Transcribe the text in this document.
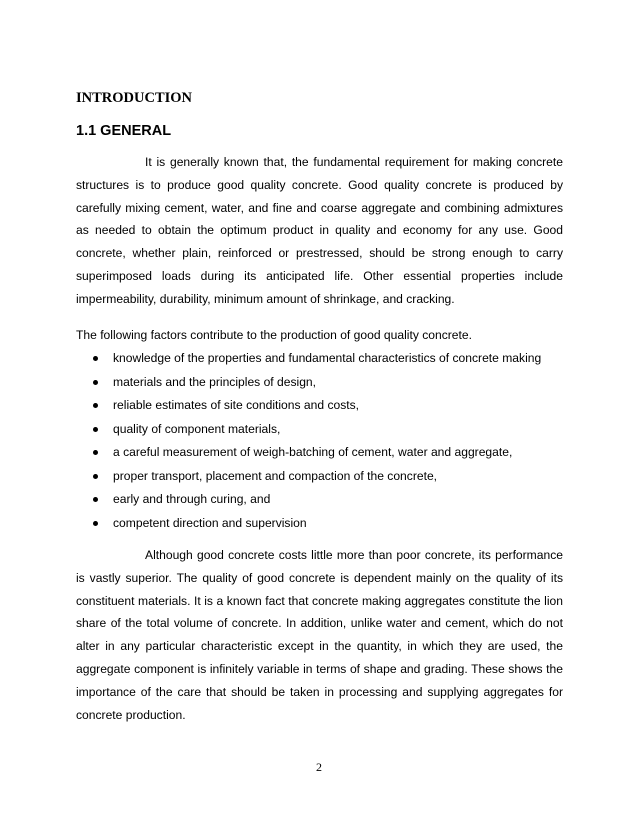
INTRODUCTION
1.1 GENERAL

It is generally known that, the fundamental requirement for making concrete structures is to produce good quality concrete. Good quality concrete is produced by carefully mixing cement, water, and fine and coarse aggregate and combining admixtures as needed to obtain the optimum product in quality and economy for any use. Good concrete, whether plain, reinforced or prestressed, should be strong enough to carry superimposed loads during its anticipated life. Other essential properties include impermeability, durability, minimum amount of shrinkage, and cracking.

The following factors contribute to the production of good quality concrete.

knowledge of the properties and fundamental characteristics of concrete making
materials and the principles of design,
reliable estimates of site conditions and costs,
quality of component materials,
a careful measurement of weigh-batching of cement, water and aggregate,
proper transport, placement and compaction of the concrete,
early and through curing, and
competent direction and supervision

Although good concrete costs little more than poor concrete, its performance is vastly superior. The quality of good concrete is dependent mainly on the quality of its constituent materials. It is a known fact that concrete making aggregates constitute the lion share of the total volume of concrete. In addition, unlike water and cement, which do not alter in any particular characteristic except in the quantity, in which they are used, the aggregate component is infinitely variable in terms of shape and grading. These shows the importance of the care that should be taken in processing and supplying aggregates for concrete production.

2
